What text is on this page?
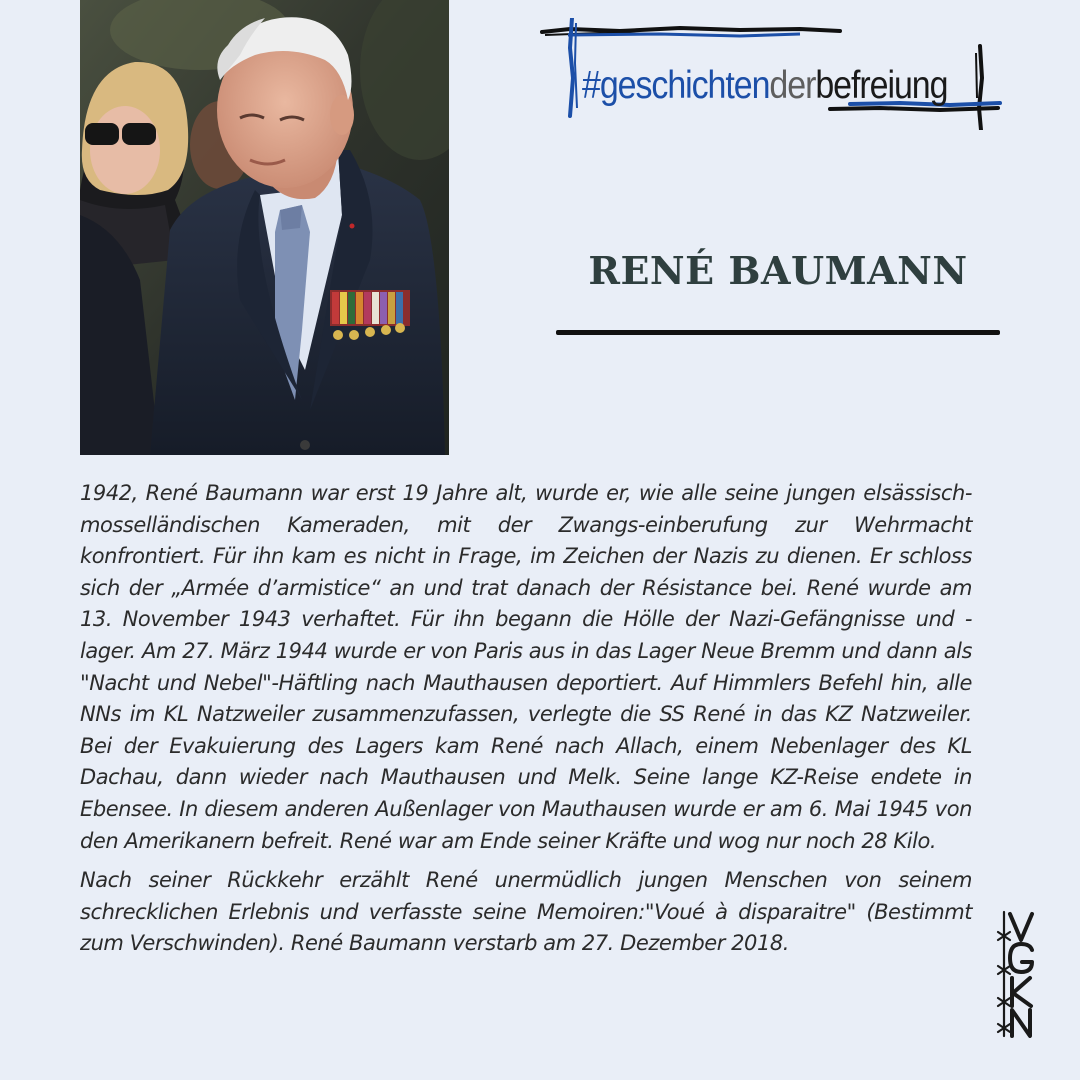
#geschichtenderbefreiung
RENÉ BAUMANN

1942, René Baumann war erst 19 Jahre alt, wurde er, wie alle seine jungen elsässisch-mosselländischen Kameraden, mit der Zwangs-einberufung zur Wehrmacht konfrontiert. Für ihn kam es nicht in Frage, im Zeichen der Nazis zu dienen. Er schloss sich der „Armée d’armistice“ an und trat danach der Résistance bei. René wurde am 13. November 1943 verhaftet. Für ihn begann die Hölle der Nazi-Gefängnisse und -lager. Am 27. März 1944 wurde er von Paris aus in das Lager Neue Bremm und dann als "Nacht und Nebel"-Häftling nach Mauthausen deportiert. Auf Himmlers Befehl hin, alle NNs im KL Natzweiler zusammenzufassen, verlegte die SS René in das KZ Natzweiler. Bei der Evakuierung des Lagers kam René nach Allach, einem Nebenlager des KL Dachau, dann wieder nach Mauthausen und Melk. Seine lange KZ-Reise endete in Ebensee. In diesem anderen Außenlager von Mauthausen wurde er am 6. Mai 1945 von den Amerikanern befreit. René war am Ende seiner Kräfte und wog nur noch 28 Kilo.

Nach seiner Rückkehr erzählt René unermüdlich jungen Menschen von seinem schrecklichen Erlebnis und verfasste seine Memoiren:"Voué à disparaitre" (Bestimmt zum Verschwinden). René Baumann verstarb am 27. Dezember 2018.
